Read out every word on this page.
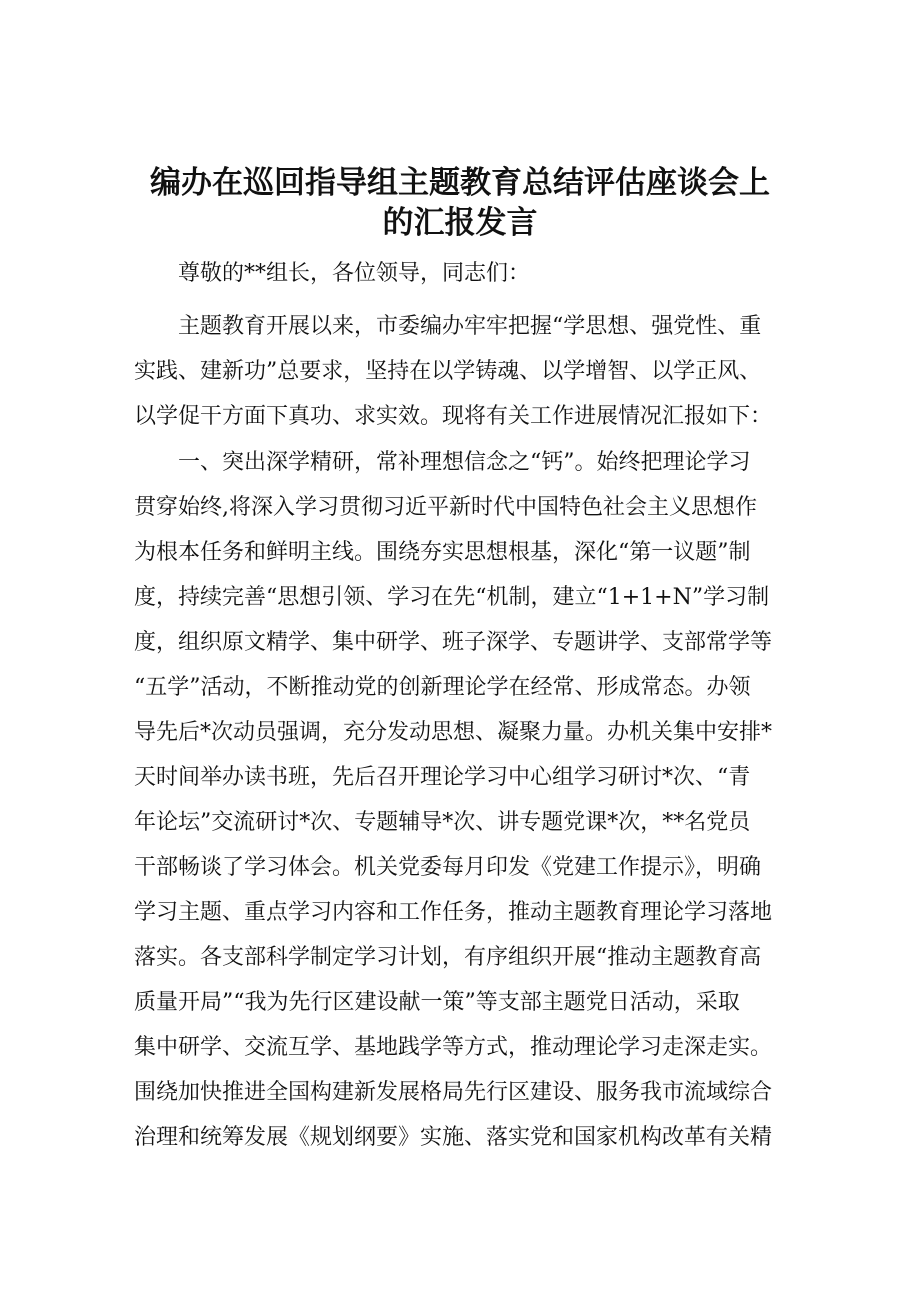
编办在巡回指导组主题教育总结评估座谈会上
的汇报发言

尊敬的**组长，各位领导，同志们：

主题教育开展以来，市委编办牢牢把握“学思想、强党性、重

实践、建新功”总要求，坚持在以学铸魂、以学增智、以学正风、

以学促干方面下真功、求实效。现将有关工作进展情况汇报如下：

一、突出深学精研，常补理想信念之“钙”。始终把理论学习

贯穿始终,将深入学习贯彻习近平新时代中国特色社会主义思想作

为根本任务和鲜明主线。围绕夯实思想根基，深化“第一议题”制

度，持续完善“思想引领、学习在先“机制，建立“1+1+N”学习制

度，组织原文精学、集中研学、班子深学、专题讲学、支部常学等

“五学”活动，不断推动党的创新理论学在经常、形成常态。办领

导先后*次动员强调，充分发动思想、凝聚力量。办机关集中安排*

天时间举办读书班，先后召开理论学习中心组学习研讨*次、“青

年论坛”交流研讨*次、专题辅导*次、讲专题党课*次，**名党员

干部畅谈了学习体会。机关党委每月印发《党建工作提示》，明确

学习主题、重点学习内容和工作任务，推动主题教育理论学习落地

落实。各支部科学制定学习计划，有序组织开展“推动主题教育高

质量开局”“我为先行区建设献一策”等支部主题党日活动，采取

集中研学、交流互学、基地践学等方式，推动理论学习走深走实。

围绕加快推进全国构建新发展格局先行区建设、服务我市流域综合

治理和统筹发展《规划纲要》实施、落实党和国家机构改革有关精
